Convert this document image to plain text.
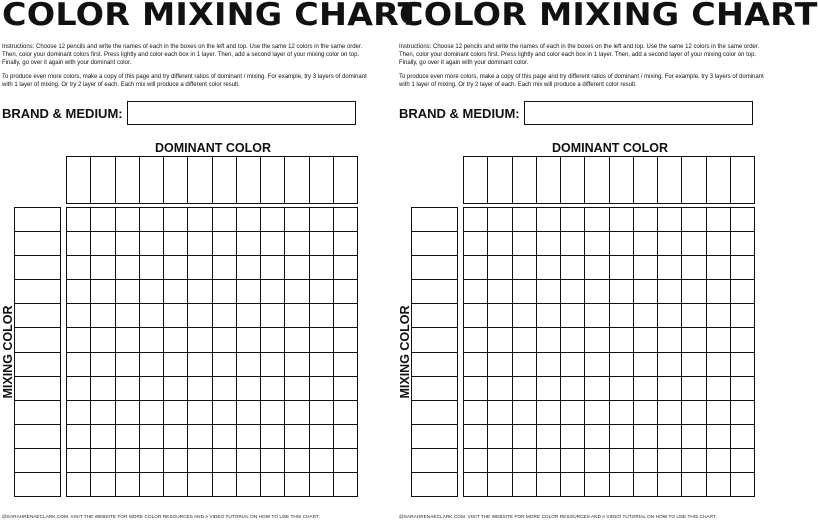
COLOR MIXING CHART

Instructions: Choose 12 pencils and write the names of each in the boxes on the left and top. Use the same 12 colors in the same order. Then, color your dominant colors first. Press lightly and color each box in 1 layer. Then, add a second layer of your mixing color on top. Finally, go over it again with your dominant color.

To produce even more colors, make a copy of this page and try different ratios of dominant / mixing. For example, try 3 layers of dominant with 1 layer of mixing. Or try 2 layer of each. Each mix will produce a different color result.

BRAND & MEDIUM:
DOMINANT COLOR
MIXING COLOR
@SARAHRENAECLARK.COM. VISIT THE WEBSITE FOR MORE COLOR RESOURCES AND A VIDEO TUTORIAL ON HOW TO USE THIS CHART.
COLOR MIXING CHART

Instructions: Choose 12 pencils and write the names of each in the boxes on the left and top. Use the same 12 colors in the same order. Then, color your dominant colors first. Press lightly and color each box in 1 layer. Then, add a second layer of your mixing color on top. Finally, go over it again with your dominant color.

To produce even more colors, make a copy of this page and try different ratios of dominant / mixing. For example, try 3 layers of dominant with 1 layer of mixing. Or try 2 layer of each. Each mix will produce a different color result.

BRAND & MEDIUM:
DOMINANT COLOR
MIXING COLOR
@SARAHRENAECLARK.COM. VISIT THE WEBSITE FOR MORE COLOR RESOURCES AND A VIDEO TUTORIAL ON HOW TO USE THIS CHART.
